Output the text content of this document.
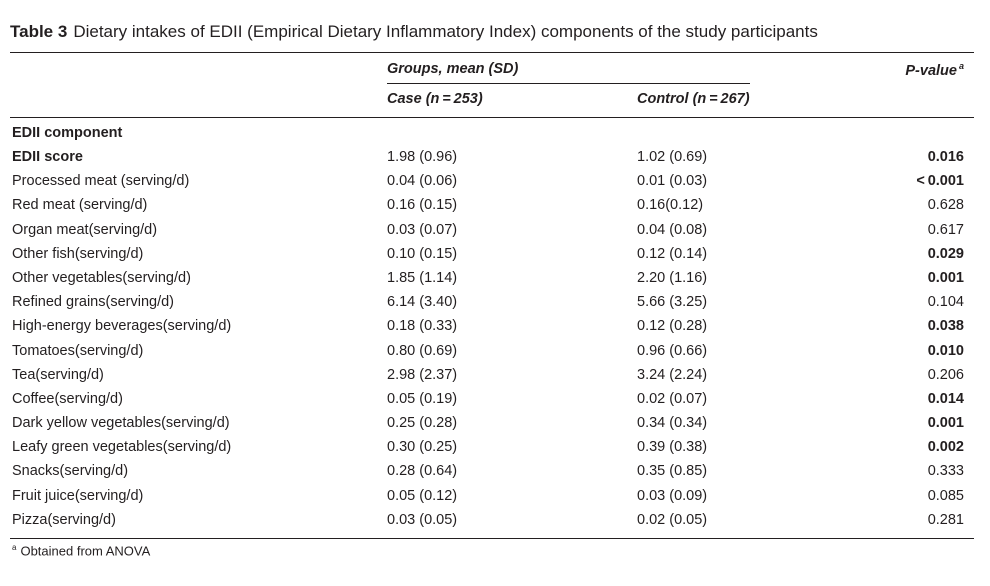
Table 3 Dietary intakes of EDII (Empirical Dietary Inflammatory Index) components of the study participants
Groups, mean (SD)	P-value $^a$
Case (n = 253)	Control (n = 267)
EDII component
EDII score	1.98 (0.96)	1.02 (0.69)	0.016
Processed meat (serving/d)	0.04 (0.06)	0.01 (0.03)	< 0.001
Red meat (serving/d)	0.16 (0.15)	0.16(0.12)	0.628
Organ meat(serving/d)	0.03 (0.07)	0.04 (0.08)	0.617
Other fish(serving/d)	0.10 (0.15)	0.12 (0.14)	0.029
Other vegetables(serving/d)	1.85 (1.14)	2.20 (1.16)	0.001
Refined grains(serving/d)	6.14 (3.40)	5.66 (3.25)	0.104
High-energy beverages(serving/d)	0.18 (0.33)	0.12 (0.28)	0.038
Tomatoes(serving/d)	0.80 (0.69)	0.96 (0.66)	0.010
Tea(serving/d)	2.98 (2.37)	3.24 (2.24)	0.206
Coffee(serving/d)	0.05 (0.19)	0.02 (0.07)	0.014
Dark yellow vegetables(serving/d)	0.25 (0.28)	0.34 (0.34)	0.001
Leafy green vegetables(serving/d)	0.30 (0.25)	0.39 (0.38)	0.002
Snacks(serving/d)	0.28 (0.64)	0.35 (0.85)	0.333
Fruit juice(serving/d)	0.05 (0.12)	0.03 (0.09)	0.085
Pizza(serving/d)	0.03 (0.05)	0.02 (0.05)	0.281
$^a$ Obtained from ANOVA
